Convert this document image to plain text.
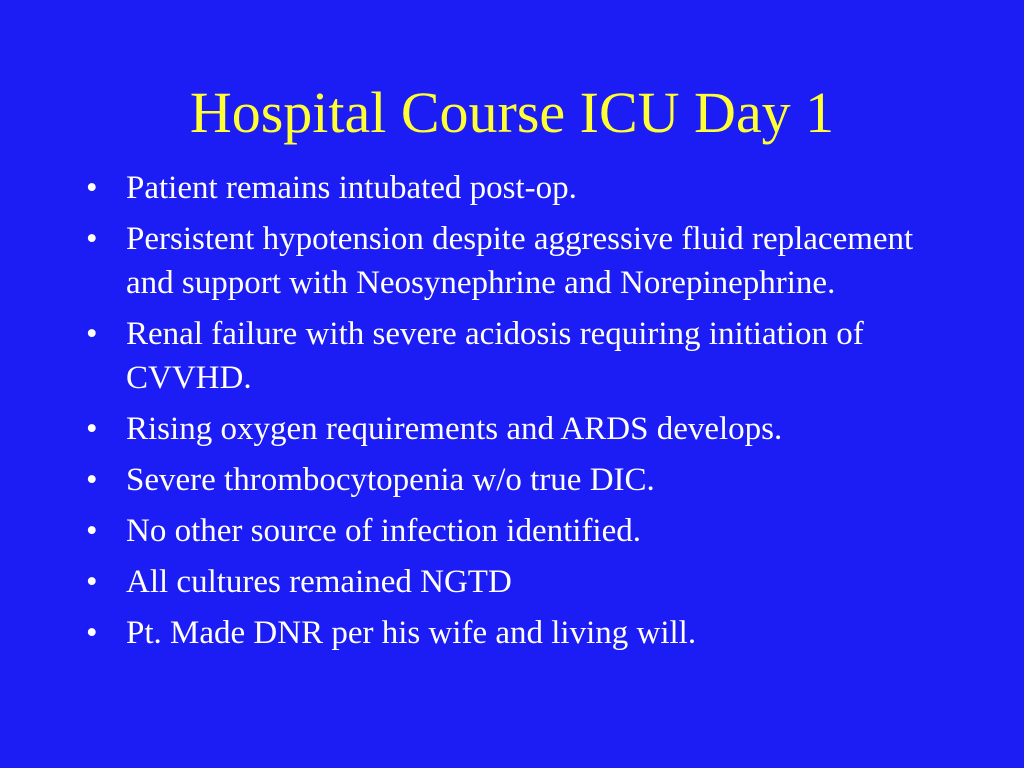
Hospital Course ICU Day 1
• Patient remains intubated post-op.
• Persistent hypotension despite aggressive fluid replacement and support with Neosynephrine and Norepinephrine.
• Renal failure with severe acidosis requiring initiation of CVVHD.
• Rising oxygen requirements and ARDS develops.
• Severe thrombocytopenia w/o true DIC.
• No other source of infection identified.
• All cultures remained NGTD
• Pt. Made DNR per his wife and living will.
